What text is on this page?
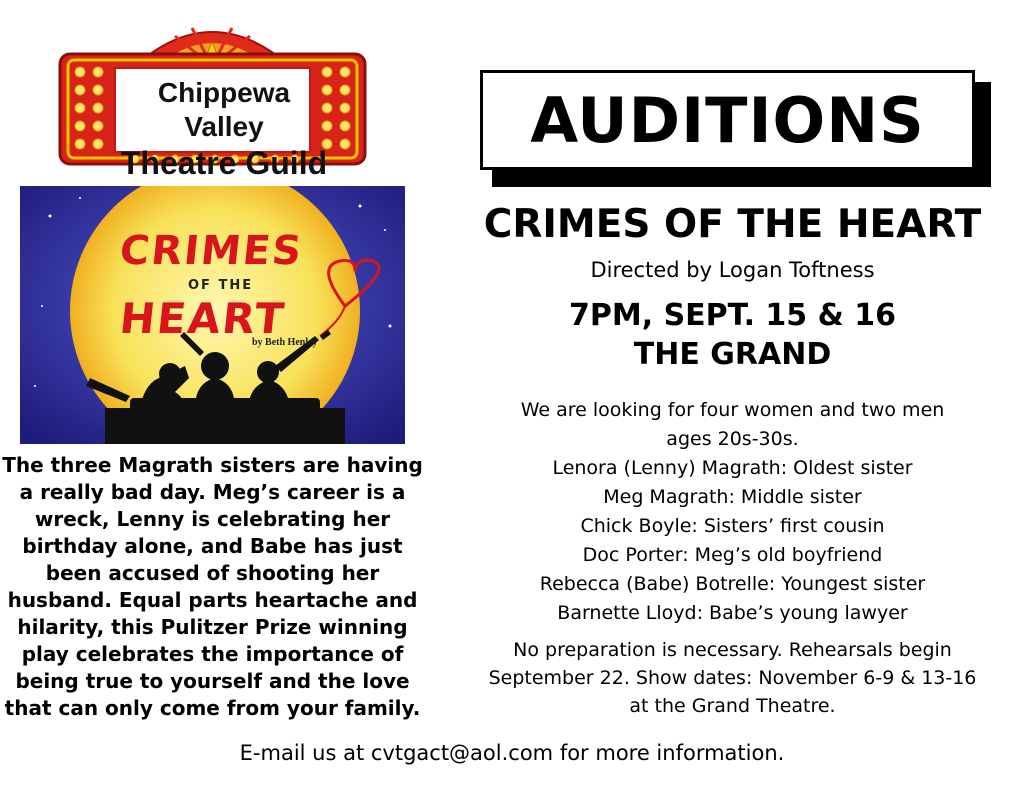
Chippewa Valley
Theatre Guild
CRIMES
OF THE
HEART
by Beth Henley
The three Magrath sisters are having
a really bad day. Meg’s career is a
wreck, Lenny is celebrating her
birthday alone, and Babe has just
been accused of shooting her
husband. Equal parts heartache and
hilarity, this Pulitzer Prize winning
play celebrates the importance of
being true to yourself and the love
that can only come from your family.
AUDITIONS
CRIMES OF THE HEART
Directed by Logan Toftness
7PM, SEPT. 15 & 16
THE GRAND
We are looking for four women and two men
ages 20s-30s.
Lenora (Lenny) Magrath: Oldest sister
Meg Magrath: Middle sister
Chick Boyle: Sisters’ first cousin
Doc Porter: Meg’s old boyfriend
Rebecca (Babe) Botrelle: Youngest sister
Barnette Lloyd: Babe’s young lawyer
No preparation is necessary. Rehearsals begin
September 22. Show dates: November 6-9 & 13-16
at the Grand Theatre.
E-mail us at cvtgact@aol.com for more information.
